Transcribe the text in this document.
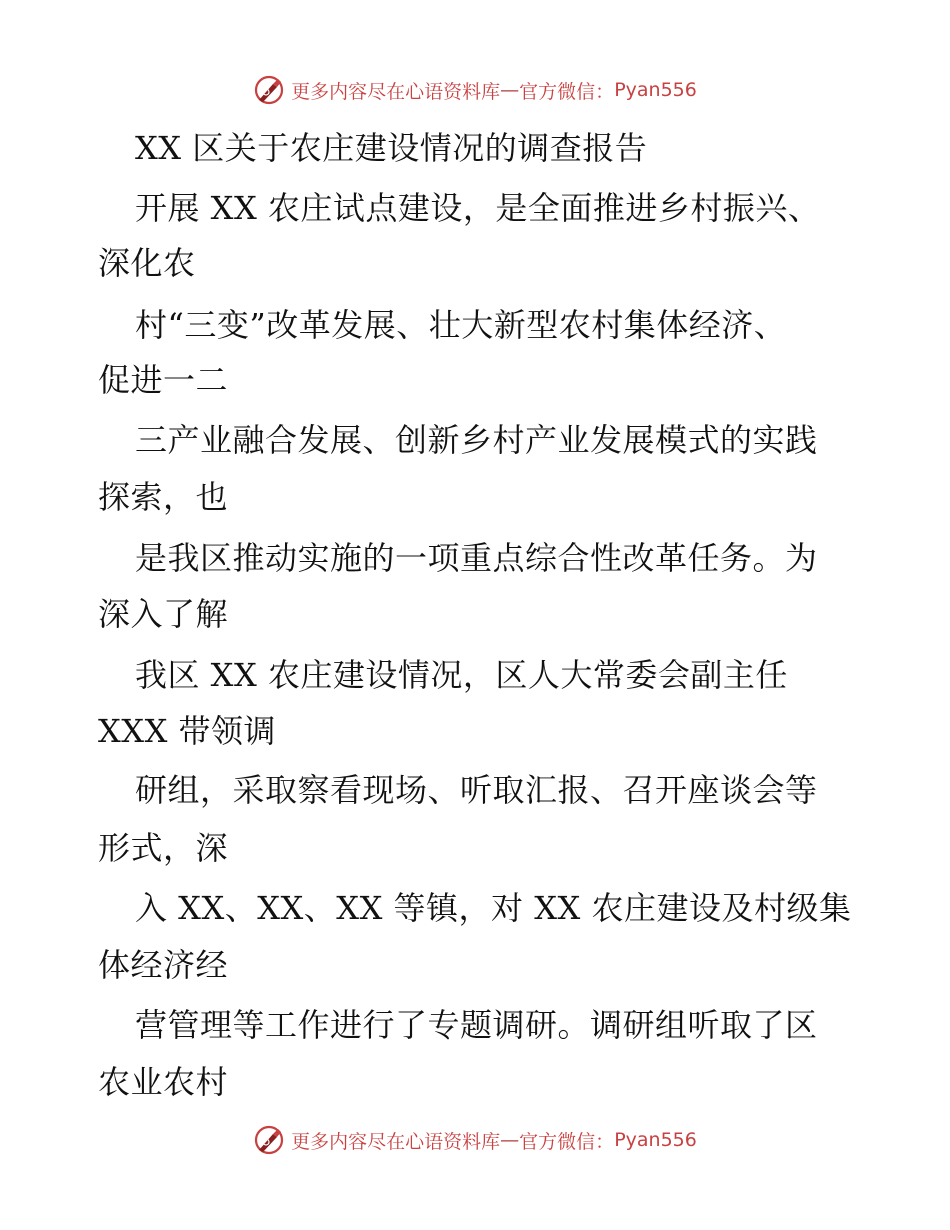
更多内容尽在心语资料库 — 官方微信： Pyan556
XX 区关于农庄建设情况的调查报告
开展 XX 农庄试点建设，是全面推进乡村振兴、
深化农
村“三变”改革发展、壮大新型农村集体经济、
促进一二
三产业融合发展、创新乡村产业发展模式的实践
探索，也
是我区推动实施的一项重点综合性改革任务。为
深入了解
我区 XX 农庄建设情况，区人大常委会副主任
XXX 带领调
研组，采取察看现场、听取汇报、召开座谈会等
形式，深
入 XX、XX、XX 等镇，对 XX 农庄建设及村级集
体经济经
营管理等工作进行了专题调研。调研组听取了区
农业农村
更多内容尽在心语资料库 — 官方微信： Pyan556
